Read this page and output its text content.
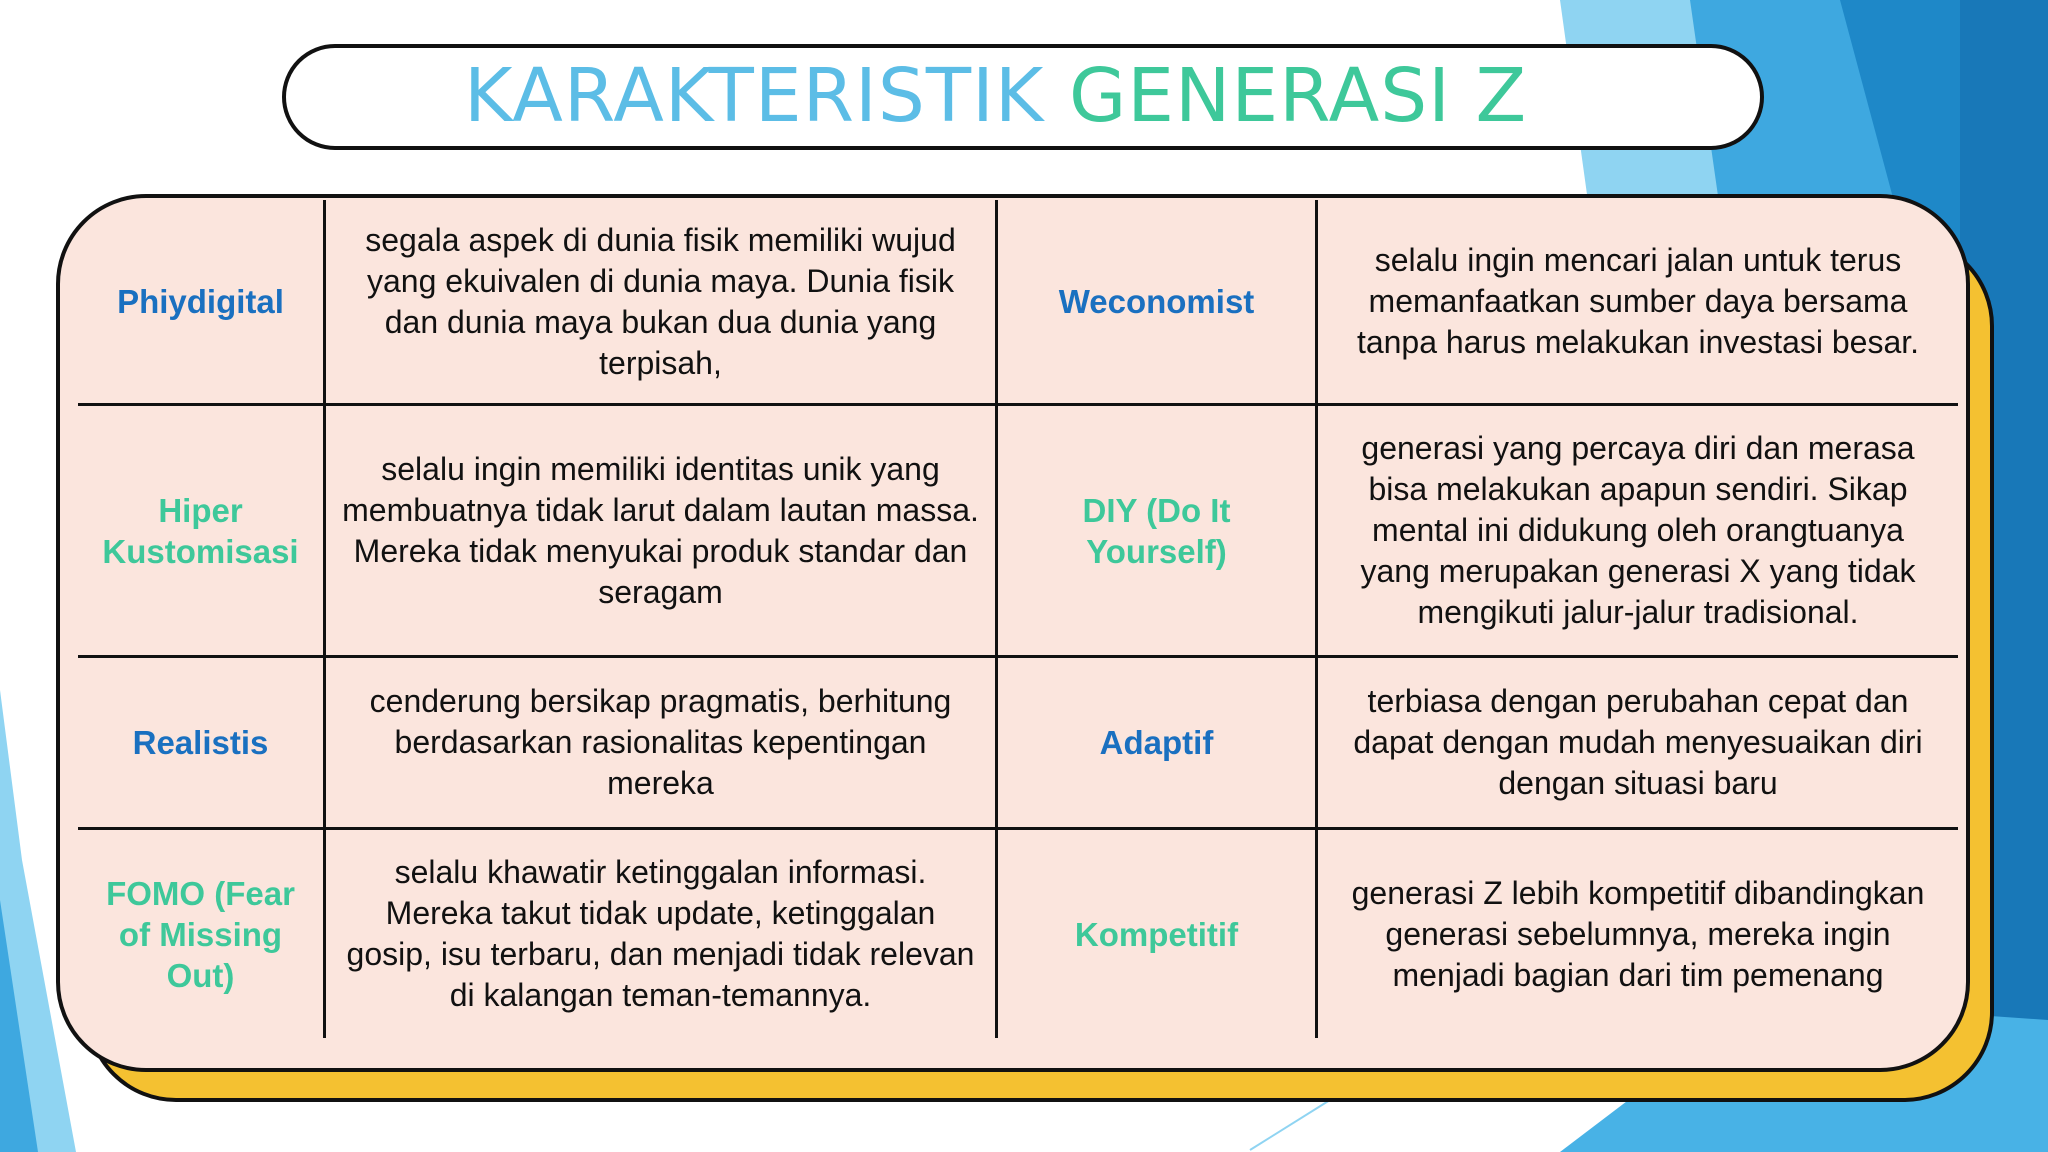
KARAKTERISTIK GENERASI Z
Phiydigital
segala aspek di dunia fisik memiliki wujud yang ekuivalen di dunia maya. Dunia fisik dan dunia maya bukan dua dunia yang terpisah,
Weconomist
selalu ingin mencari jalan untuk terus memanfaatkan sumber daya bersama tanpa harus melakukan investasi besar.
Hiper Kustomisasi
selalu ingin memiliki identitas unik yang membuatnya tidak larut dalam lautan massa. Mereka tidak menyukai produk standar dan seragam
DIY (Do It Yourself)
generasi yang percaya diri dan merasa bisa melakukan apapun sendiri. Sikap mental ini didukung oleh orangtuanya yang merupakan generasi X yang tidak mengikuti jalur-jalur tradisional.
Realistis
cenderung bersikap pragmatis, berhitung berdasarkan rasionalitas kepentingan mereka
Adaptif
terbiasa dengan perubahan cepat dan dapat dengan mudah menyesuaikan diri dengan situasi baru
FOMO (Fear of Missing Out)
selalu khawatir ketinggalan informasi. Mereka takut tidak update, ketinggalan gosip, isu terbaru, dan menjadi tidak relevan di kalangan teman-temannya.
Kompetitif
generasi Z lebih kompetitif dibandingkan generasi sebelumnya, mereka ingin menjadi bagian dari tim pemenang
